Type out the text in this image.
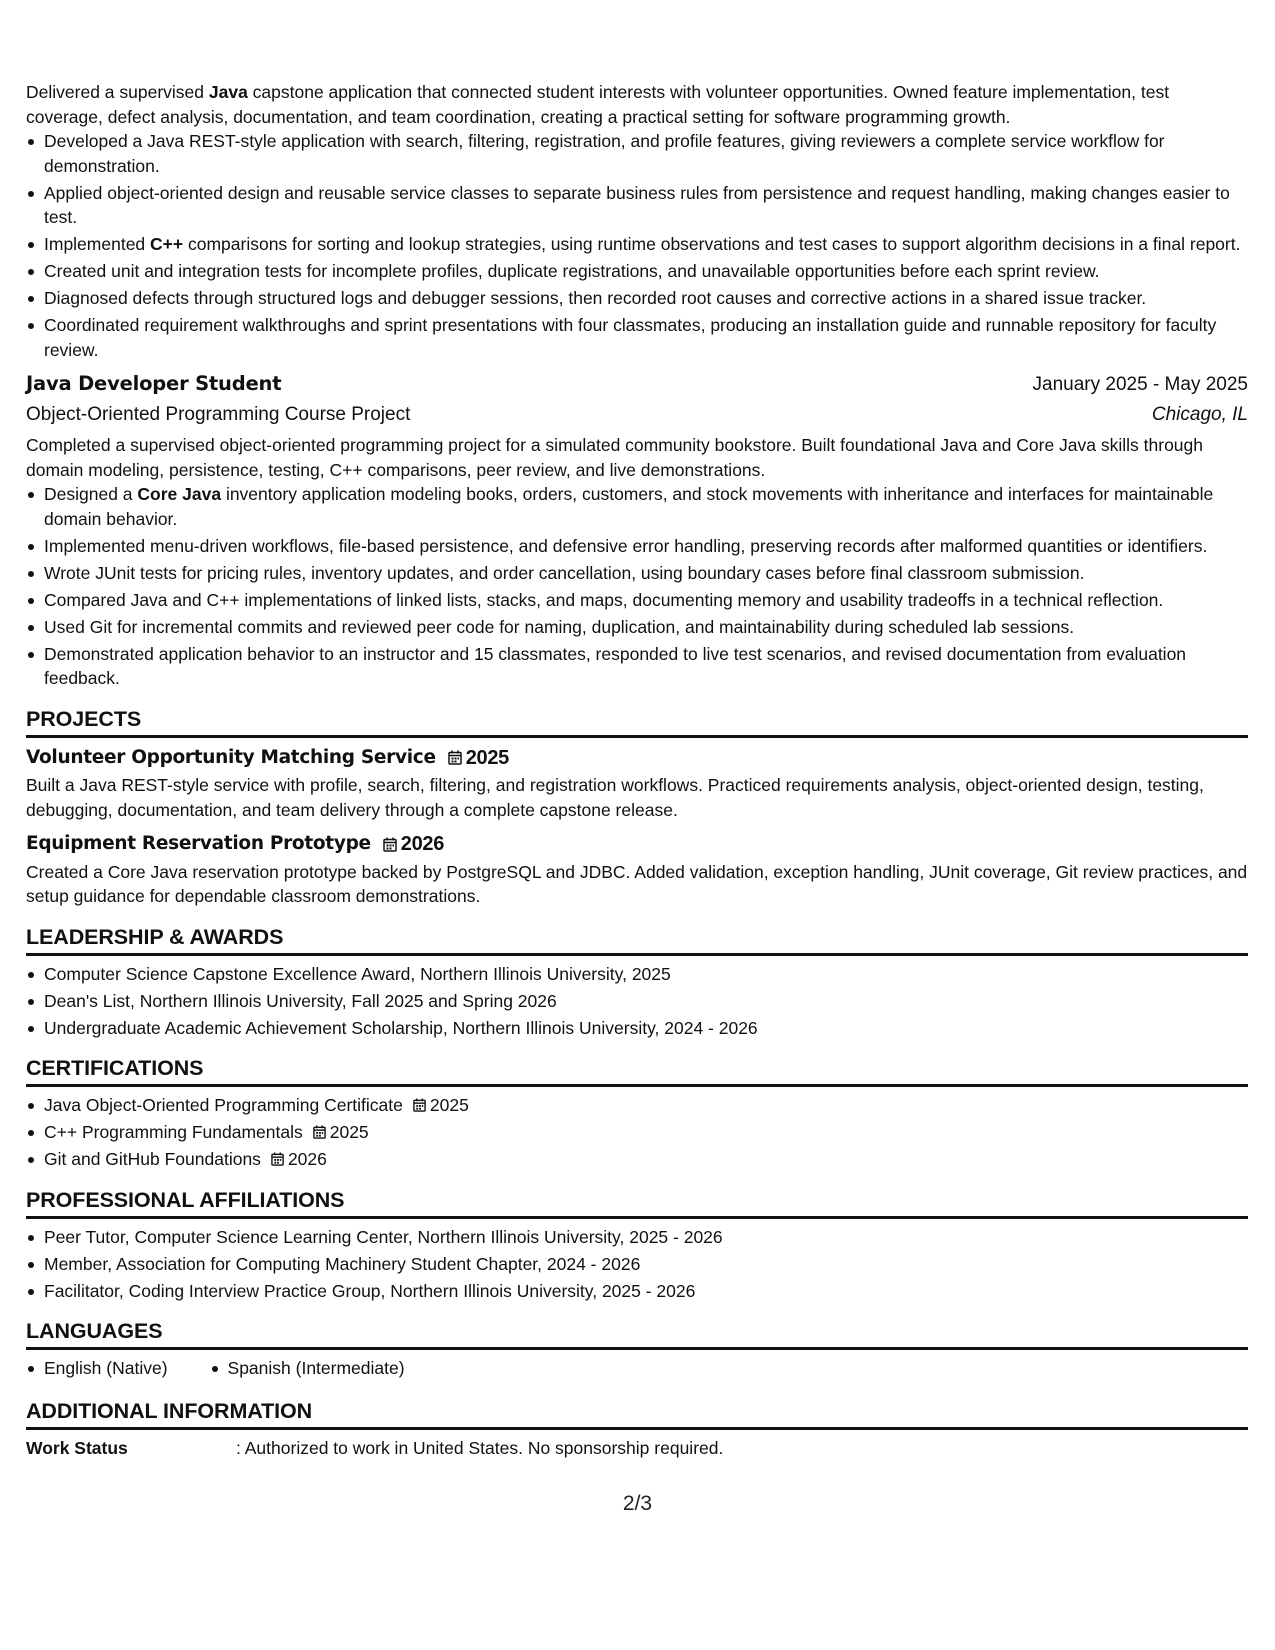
Delivered a supervised Java capstone application that connected student interests with volunteer opportunities. Owned feature implementation, test coverage, defect analysis, documentation, and team coordination, creating a practical setting for software programming growth.

Developed a Java REST-style application with search, filtering, registration, and profile features, giving reviewers a complete service workflow for demonstration.
Applied object-oriented design and reusable service classes to separate business rules from persistence and request handling, making changes easier to test.
Implemented C++ comparisons for sorting and lookup strategies, using runtime observations and test cases to support algorithm decisions in a final report.
Created unit and integration tests for incomplete profiles, duplicate registrations, and unavailable opportunities before each sprint review.
Diagnosed defects through structured logs and debugger sessions, then recorded root causes and corrective actions in a shared issue tracker.
Coordinated requirement walkthroughs and sprint presentations with four classmates, producing an installation guide and runnable repository for faculty review.
Java Developer Student	January 2025 - May 2025
Object-Oriented Programming Course Project	Chicago, IL

Completed a supervised object-oriented programming project for a simulated community bookstore. Built foundational Java and Core Java skills through domain modeling, persistence, testing, C++ comparisons, peer review, and live demonstrations.

Designed a Core Java inventory application modeling books, orders, customers, and stock movements with inheritance and interfaces for maintainable domain behavior.
Implemented menu-driven workflows, file-based persistence, and defensive error handling, preserving records after malformed quantities or identifiers.
Wrote JUnit tests for pricing rules, inventory updates, and order cancellation, using boundary cases before final classroom submission.
Compared Java and C++ implementations of linked lists, stacks, and maps, documenting memory and usability tradeoffs in a technical reflection.
Used Git for incremental commits and reviewed peer code for naming, duplication, and maintainability during scheduled lab sessions.
Demonstrated application behavior to an instructor and 15 classmates, responded to live test scenarios, and revised documentation from evaluation feedback.
PROJECTS
Volunteer Opportunity Matching Service 2025

Built a Java REST-style service with profile, search, filtering, and registration workflows. Practiced requirements analysis, object-oriented design, testing, debugging, documentation, and team delivery through a complete capstone release.

Equipment Reservation Prototype 2026

Created a Core Java reservation prototype backed by PostgreSQL and JDBC. Added validation, exception handling, JUnit coverage, Git review practices, and setup guidance for dependable classroom demonstrations.

LEADERSHIP & AWARDS
Computer Science Capstone Excellence Award, Northern Illinois University, 2025
Dean's List, Northern Illinois University, Fall 2025 and Spring 2026
Undergraduate Academic Achievement Scholarship, Northern Illinois University, 2024 - 2026
CERTIFICATIONS
Java Object-Oriented Programming Certificate 2025
C++ Programming Fundamentals 2025
Git and GitHub Foundations 2026
PROFESSIONAL AFFILIATIONS
Peer Tutor, Computer Science Learning Center, Northern Illinois University, 2025 - 2026
Member, Association for Computing Machinery Student Chapter, 2024 - 2026
Facilitator, Coding Interview Practice Group, Northern Illinois University, 2025 - 2026
LANGUAGES
English (Native)	Spanish (Intermediate)
ADDITIONAL INFORMATION
Work Status	: Authorized to work in United States. No sponsorship required.
2/3
